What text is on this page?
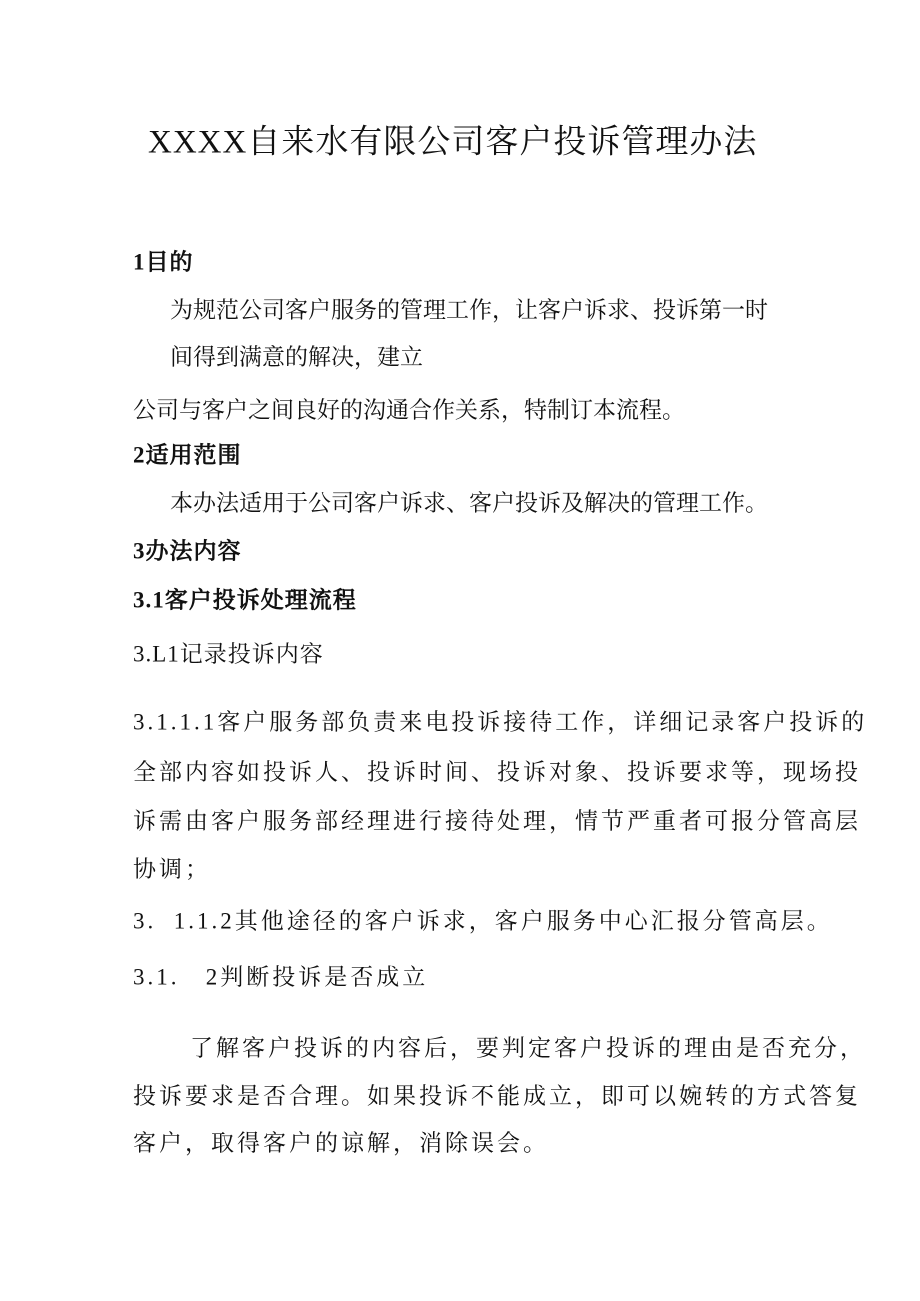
XXXX自来水有限公司客户投诉管理办法
1目的
为规范公司客户服务的管理工作，让客户诉求、投诉第一时
间得到满意的解决，建立
公司与客户之间良好的沟通合作关系，特制订本流程。
2适用范围
本办法适用于公司客户诉求、客户投诉及解决的管理工作。
3办法内容
3.1客户投诉处理流程
3.L1记录投诉内容
3.1.1.1客户服务部负责来电投诉接待工作，详细记录客户投诉的
全部内容如投诉人、投诉时间、投诉对象、投诉要求等，现场投
诉需由客户服务部经理进行接待处理，情节严重者可报分管高层
协调；
3.  1.1.2其他途径的客户诉求，客户服务中心汇报分管高层。
3.1.   2判断投诉是否成立
了解客户投诉的内容后，要判定客户投诉的理由是否充分，
投诉要求是否合理。如果投诉不能成立，即可以婉转的方式答复
客户，取得客户的谅解，消除误会。
